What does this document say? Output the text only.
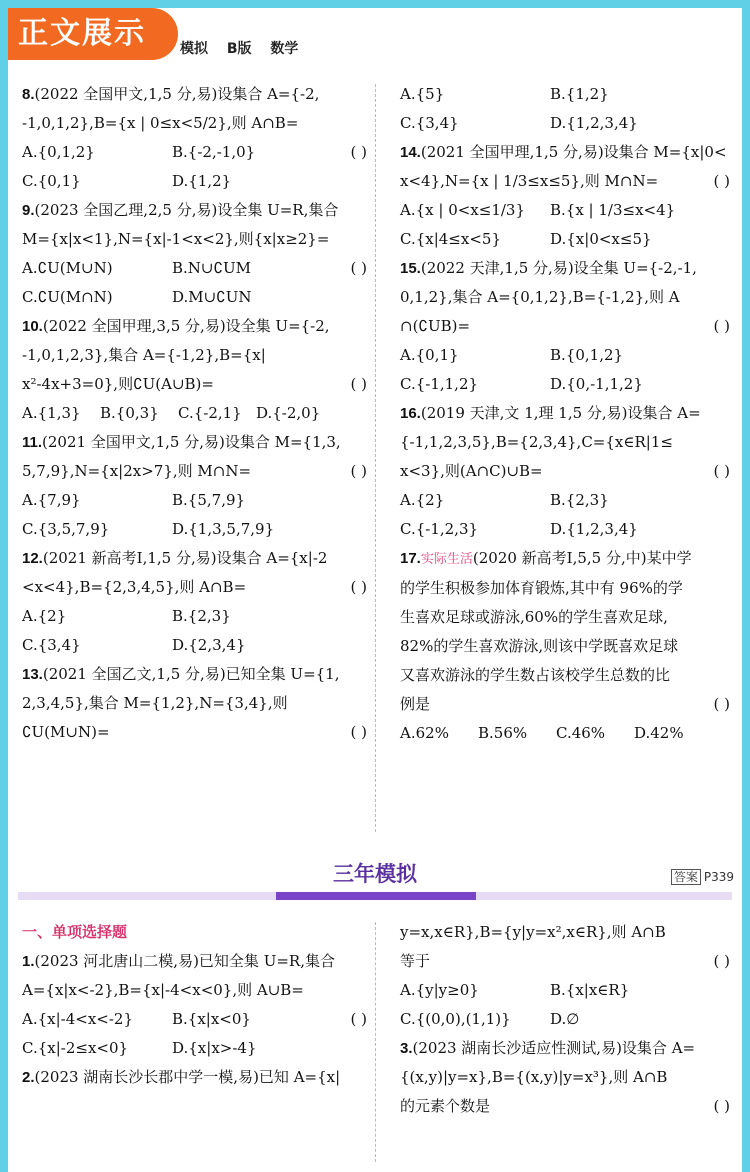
正文展示	模拟 B版 数学
8.(2022 全国甲文,1,5 分,易)设集合 A={-2,
-1,0,1,2},B={x | 0≤x<5/2},则 A∩B=
( )
A.{0,1,2}	B.{-2,-1,0}
C.{0,1}	D.{1,2}
9.(2023 全国乙理,2,5 分,易)设全集 U=R,集合
M={x|x<1},N={x|-1<x<2},则{x|x≥2}=
( )
A.∁U(M∪N)	B.N∪∁UM
C.∁U(M∩N)	D.M∪∁UN
10.(2022 全国甲理,3,5 分,易)设全集 U={-2,
-1,0,1,2,3},集合 A={-1,2},B={x|
x²-4x+3=0},则∁U(A∪B)=	( )
A.{1,3}	B.{0,3}	C.{-2,1} D.{-2,0}
11.(2021 全国甲文,1,5 分,易)设集合 M={1,3,
5,7,9},N={x|2x>7},则 M∩N=	( )
A.{7,9}	B.{5,7,9}
C.{3,5,7,9}	D.{1,3,5,7,9}
12.(2021 新高考Ⅰ,1,5 分,易)设集合 A={x|-2
<x<4},B={2,3,4,5},则 A∩B=	( )
A.{2}	B.{2,3}
C.{3,4}	D.{2,3,4}
13.(2021 全国乙文,1,5 分,易)已知全集 U={1,
2,3,4,5},集合 M={1,2},N={3,4},则
∁U(M∪N)=	( )
A.{5}	B.{1,2}
C.{3,4}	D.{1,2,3,4}
14.(2021 全国甲理,1,5 分,易)设集合 M={x|0<
x<4},N={x | 1/3≤x≤5},则 M∩N=	( )
A.{x | 0<x≤1/3}	B.{x | 1/3≤x<4}
C.{x|4≤x<5}	D.{x|0<x≤5}
15.(2022 天津,1,5 分,易)设全集 U={-2,-1,
0,1,2},集合 A={0,1,2},B={-1,2},则 A
∩(∁UB)=	( )
A.{0,1}	B.{0,1,2}
C.{-1,1,2}	D.{0,-1,1,2}
16.(2019 天津,文 1,理 1,5 分,易)设集合 A=
{-1,1,2,3,5},B={2,3,4},C={x∈R|1≤
x<3},则(A∩C)∪B=	( )
A.{2}	B.{2,3}
C.{-1,2,3}	D.{1,2,3,4}
17.实际生活(2020 新高考Ⅰ,5,5 分,中)某中学
的学生积极参加体育锻炼,其中有 96%的学
生喜欢足球或游泳,60%的学生喜欢足球,
82%的学生喜欢游泳,则该中学既喜欢足球
又喜欢游泳的学生数占该校学生总数的比
例是	( )
A.62%	B.56%	C.46%	D.42%
三年模拟	答案 P339
一、单项选择题
1.(2023 河北唐山二模,易)已知全集 U=R,集合
A={x|x<-2},B={x|-4<x<0},则 A∪B=
( )
A.{x|-4<x<-2}	B.{x|x<0}
C.{x|-2≤x<0}	D.{x|x>-4}
2.(2023 湖南长沙长郡中学一模,易)已知 A={x|
y=x,x∈R},B={y|y=x²,x∈R},则 A∩B
等于	( )
A.{y|y≥0}	B.{x|x∈R}
C.{(0,0),(1,1)}	D.∅
3.(2023 湖南长沙适应性测试,易)设集合 A=
{(x,y)|y=x},B={(x,y)|y=x³},则 A∩B
的元素个数是	( )
